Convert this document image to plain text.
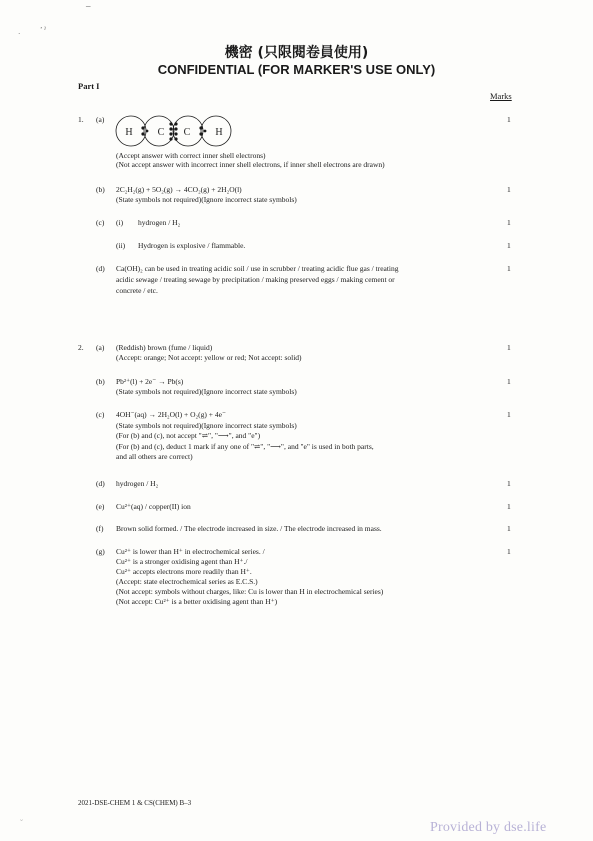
_
·	ʼ ˀ
機密 (只限閱卷員使用)
CONFIDENTIAL (FOR MARKER'S USE ONLY)
Part I
Marks
1. (a)
H	C C	H
1
(Accept answer with correct inner shell electrons)
(Not accept answer with incorrect inner shell electrons, if inner shell electrons are drawn)
(b) 2C₂H₂(g) + 5O₂(g) → 4CO₂(g) + 2H₂O(l)
(State symbols not required)(Ignore incorrect state symbols)
1
(c) (i) hydrogen / H₂	1
(ii) Hydrogen is explosive / flammable.	1
(d) Ca(OH)₂ can be used in treating acidic soil / use in scrubber / treating acidic flue gas / treating
acidic sewage / treating sewage by precipitation / making preserved eggs / making cement or
concrete / etc.
1
2. (a) (Reddish) brown (fume / liquid)
(Accept: orange; Not accept: yellow or red; Not accept: solid)
1
(b) Pb²⁺(l) + 2e⁻ → Pb(s)
(State symbols not required)(Ignore incorrect state symbols)
1
(c) 4OH⁻(aq) → 2H₂O(l) + O₂(g) + 4e⁻
(State symbols not required)(Ignore incorrect state symbols)
(For (b) and (c), not accept "⇌", "⟶", and "e")
(For (b) and (c), deduct 1 mark if any one of "⇌", "⟶", and "e" is used in both parts,
and all others are correct)
1
(d) hydrogen / H₂	1
(e) Cu²⁺(aq) / copper(II) ion	1
(f) Brown solid formed. / The electrode increased in size. / The electrode increased in mass.	1
(g) Cu²⁺ is lower than H⁺ in electrochemical series. /
Cu²⁺ is a stronger oxidising agent than H⁺./
Cu²⁺ accepts electrons more readily than H⁺.
(Accept: state electrochemical series as E.C.S.)
(Not accept: symbols without charges, like: Cu is lower than H in electrochemical series)
(Not accept: Cu²⁺ is a better oxidising agent than H⁺)
1
2021-DSE-CHEM 1 & CS(CHEM) B–3
˘	Provided by dse.life
